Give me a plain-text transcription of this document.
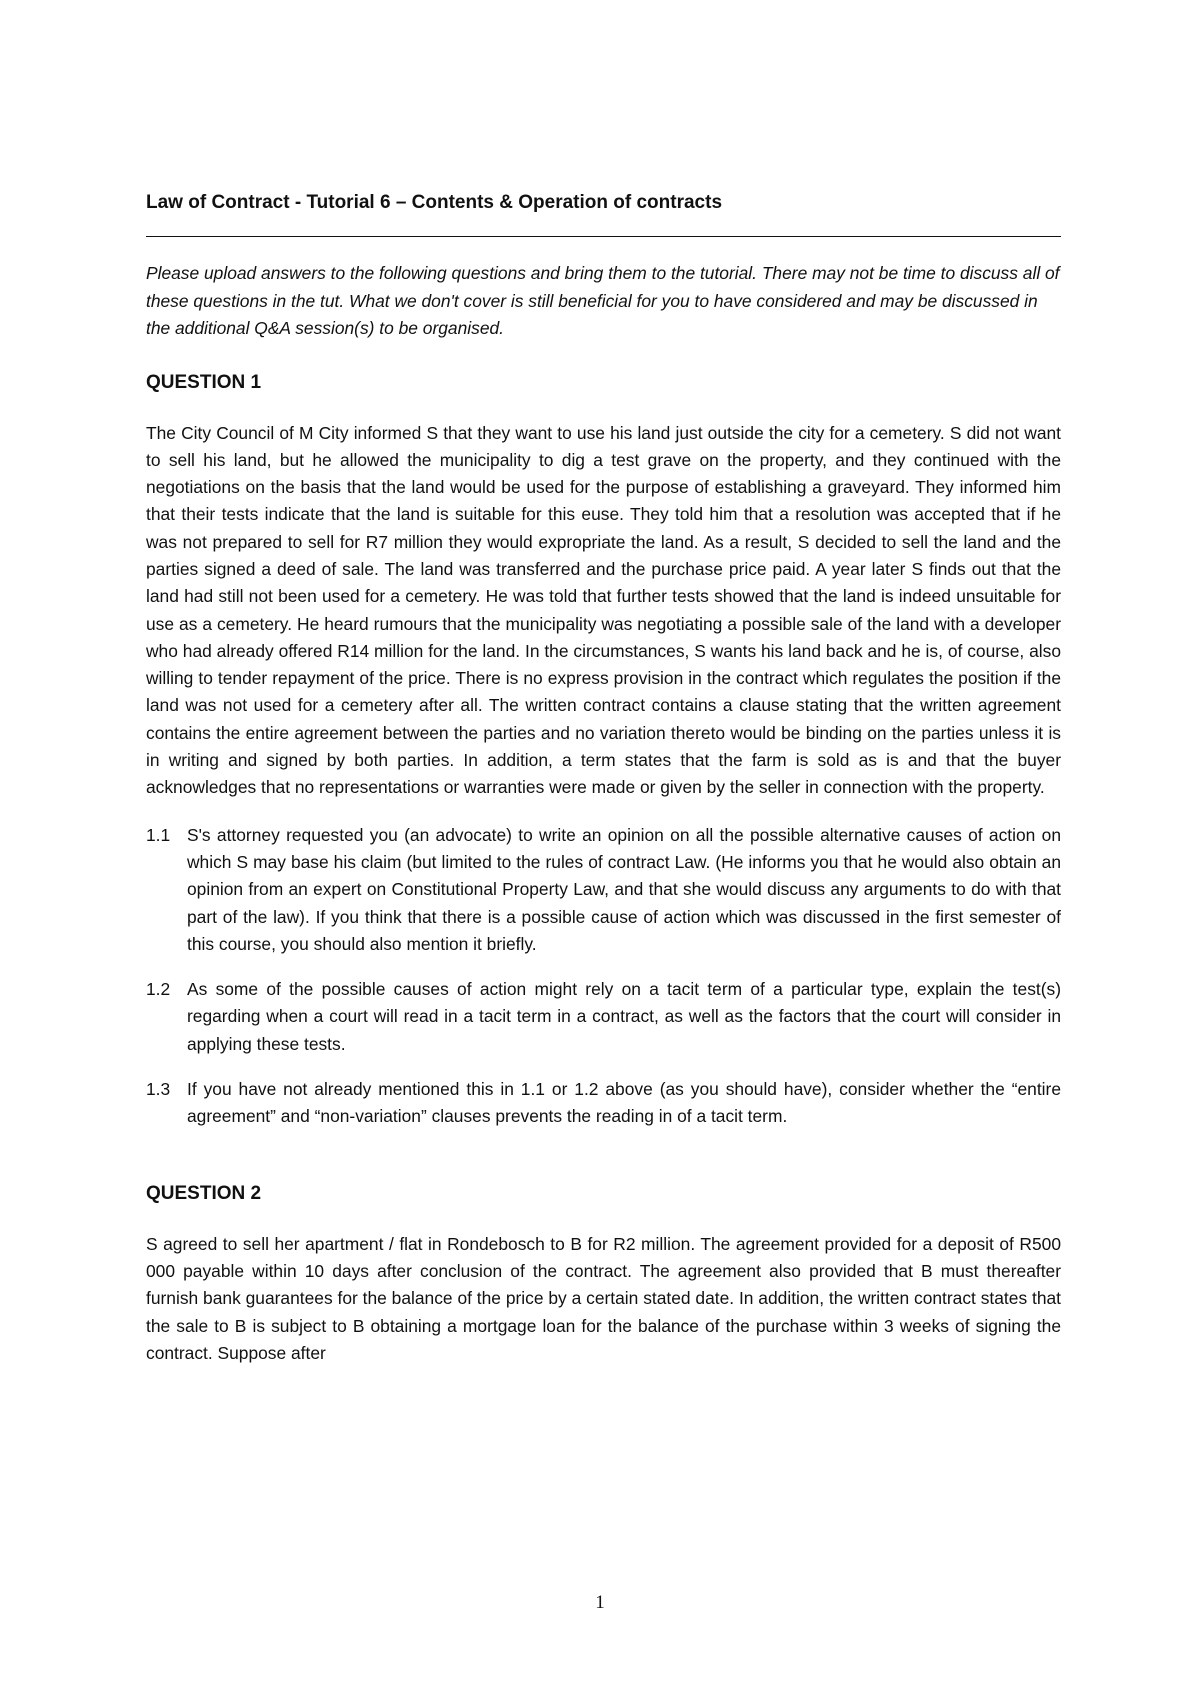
Law of Contract - Tutorial 6 – Contents & Operation of contracts

Please upload answers to the following questions and bring them to the tutorial. There may not be time to discuss all of these questions in the tut. What we don't cover is still beneficial for you to have considered and may be discussed in the additional Q&A session(s) to be organised.

QUESTION 1

The City Council of M City informed S that they want to use his land just outside the city for a cemetery. S did not want to sell his land, but he allowed the municipality to dig a test grave on the property, and they continued with the negotiations on the basis that the land would be used for the purpose of establishing a graveyard. They informed him that their tests indicate that the land is suitable for this euse. They told him that a resolution was accepted that if he was not prepared to sell for R7 million they would expropriate the land. As a result, S decided to sell the land and the parties signed a deed of sale. The land was transferred and the purchase price paid. A year later S finds out that the land had still not been used for a cemetery. He was told that further tests showed that the land is indeed unsuitable for use as a cemetery. He heard rumours that the municipality was negotiating a possible sale of the land with a developer who had already offered R14 million for the land. In the circumstances, S wants his land back and he is, of course, also willing to tender repayment of the price. There is no express provision in the contract which regulates the position if the land was not used for a cemetery after all. The written contract contains a clause stating that the written agreement contains the entire agreement between the parties and no variation thereto would be binding on the parties unless it is in writing and signed by both parties. In addition, a term states that the farm is sold as is and that the buyer acknowledges that no representations or warranties were made or given by the seller in connection with the property.

1.1 S's attorney requested you (an advocate) to write an opinion on all the possible alternative causes of action on which S may base his claim (but limited to the rules of contract Law. (He informs you that he would also obtain an opinion from an expert on Constitutional Property Law, and that she would discuss any arguments to do with that part of the law). If you think that there is a possible cause of action which was discussed in the first semester of this course, you should also mention it briefly.
1.2 As some of the possible causes of action might rely on a tacit term of a particular type, explain the test(s) regarding when a court will read in a tacit term in a contract, as well as the factors that the court will consider in applying these tests.
1.3 If you have not already mentioned this in 1.1 or 1.2 above (as you should have), consider whether the “entire agreement” and “non-variation” clauses prevents the reading in of a tacit term.
QUESTION 2

S agreed to sell her apartment / flat in Rondebosch to B for R2 million. The agreement provided for a deposit of R500 000 payable within 10 days after conclusion of the contract. The agreement also provided that B must thereafter furnish bank guarantees for the balance of the price by a certain stated date. In addition, the written contract states that the sale to B is subject to B obtaining a mortgage loan for the balance of the purchase within 3 weeks of signing the contract. Suppose after

1
